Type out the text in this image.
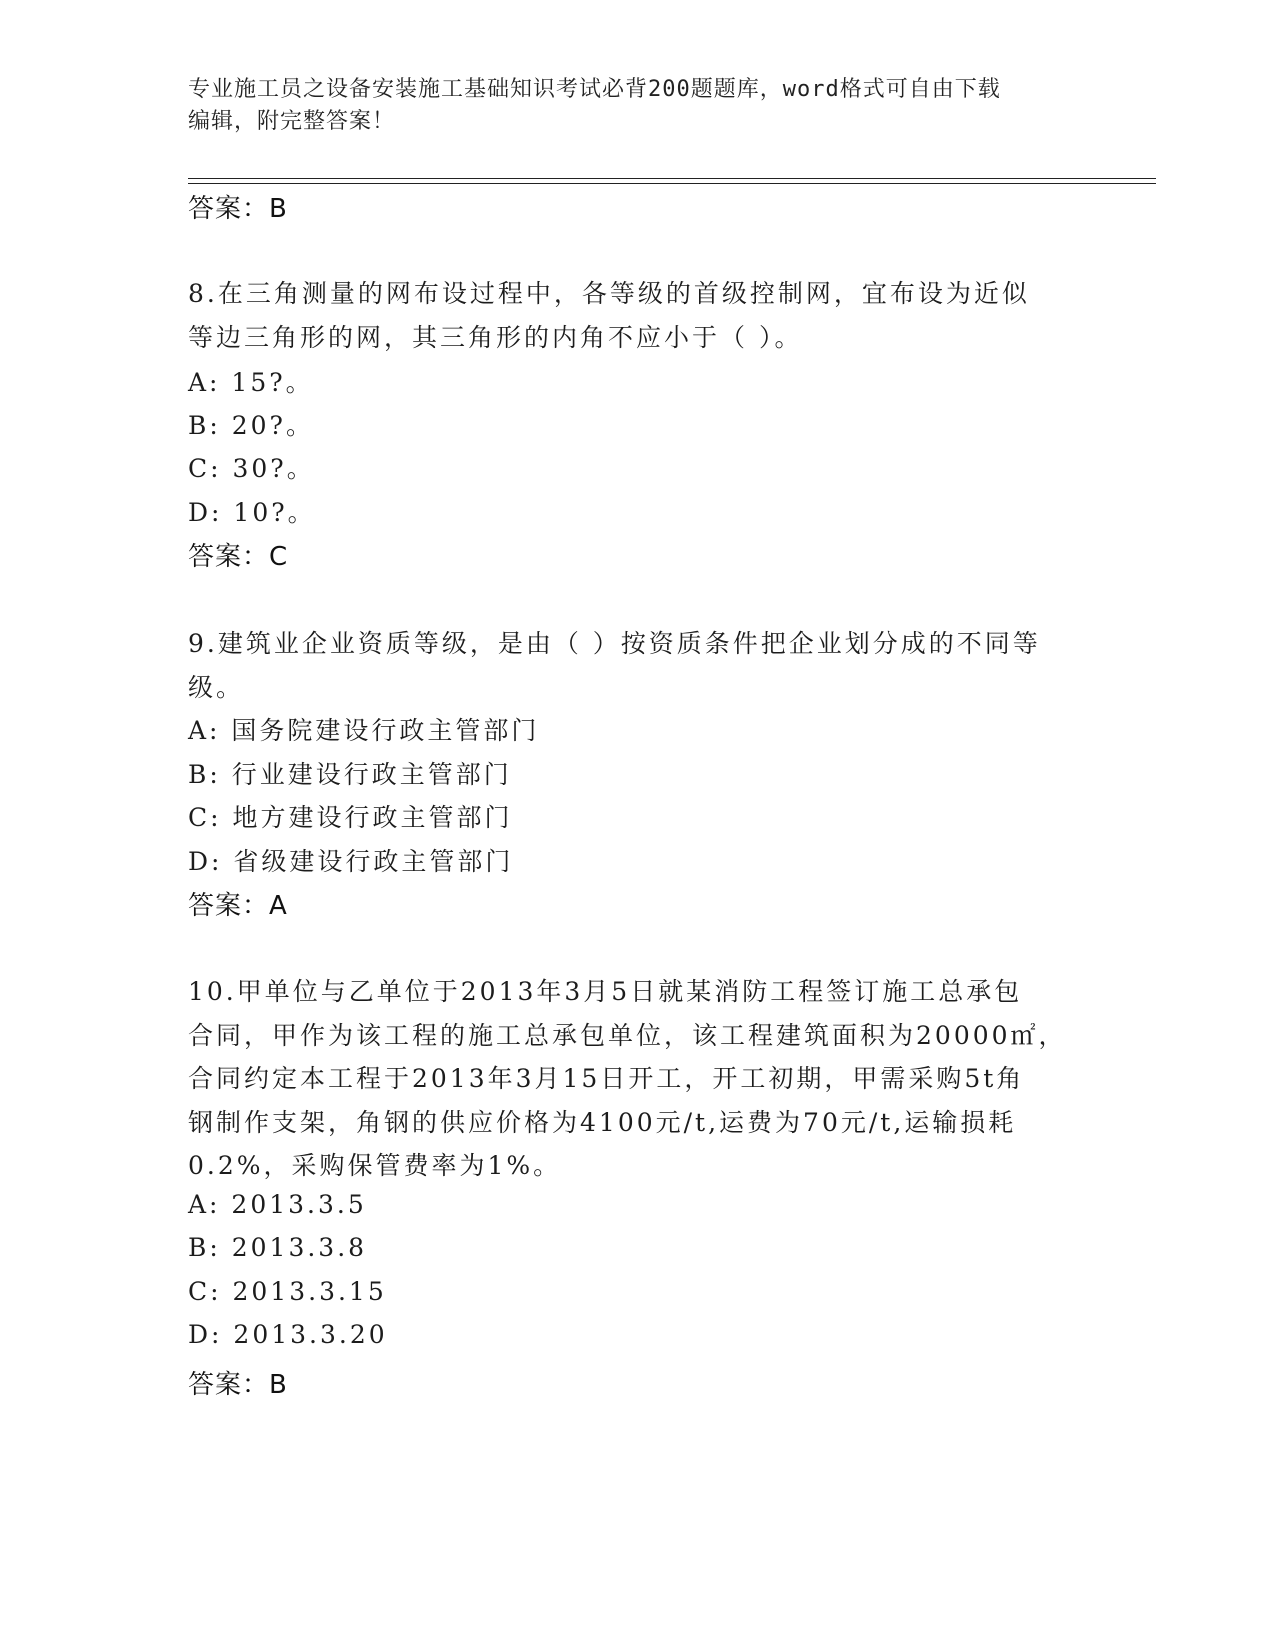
专业施工员之设备安装施工基础知识考试必背200题题库，word格式可自由下载
编辑，附完整答案！
答案：B
8.在三角测量的网布设过程中，各等级的首级控制网，宜布设为近似
等边三角形的网，其三角形的内角不应小于（ ）。
A: 15?。
B: 20?。
C: 30?。
D: 10?。
答案：C
9.建筑业企业资质等级，是由（ ）按资质条件把企业划分成的不同等
级。
A: 国务院建设行政主管部门
B: 行业建设行政主管部门
C: 地方建设行政主管部门
D: 省级建设行政主管部门
答案：A
10.甲单位与乙单位于2013年3月5日就某消防工程签订施工总承包
合同，甲作为该工程的施工总承包单位，该工程建筑面积为20000㎡，
合同约定本工程于2013年3月15日开工，开工初期，甲需采购5t角
钢制作支架，角钢的供应价格为4100元/t,运费为70元/t,运输损耗
0.2%，采购保管费率为1%。
A: 2013.3.5
B: 2013.3.8
C: 2013.3.15
D: 2013.3.20
答案：B
